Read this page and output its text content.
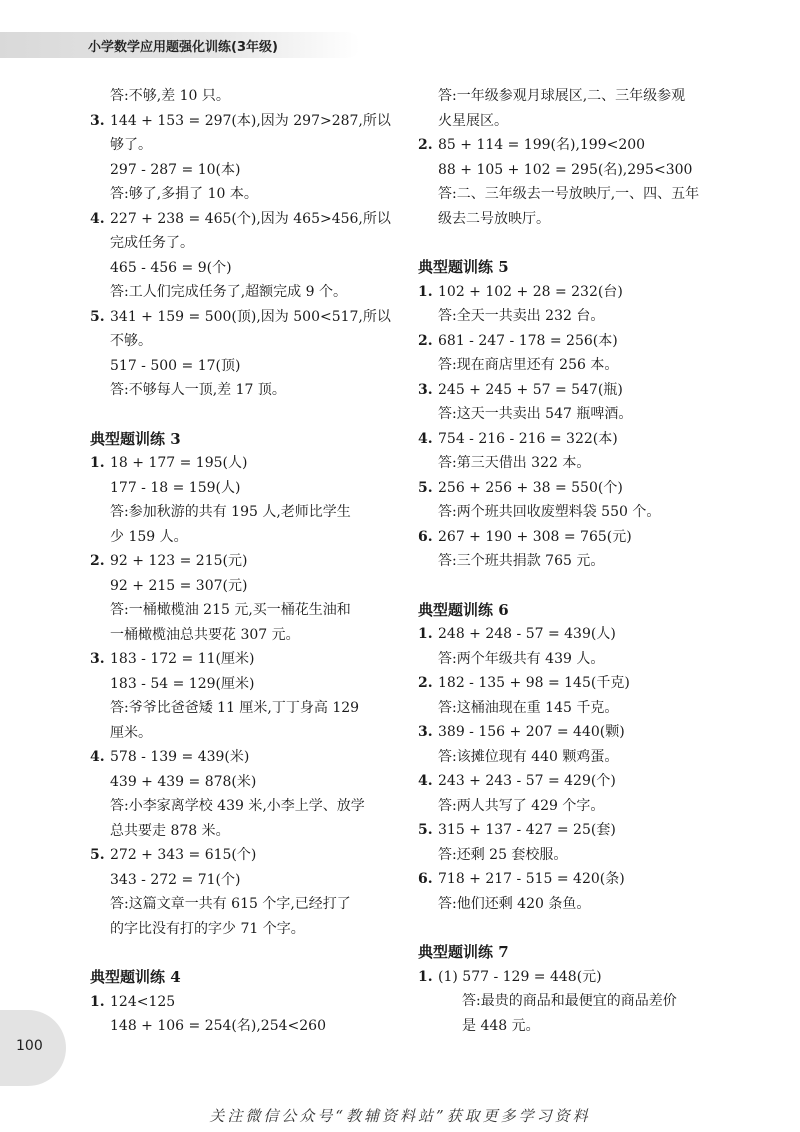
小学数学应用题强化训练(3年级)
答:不够,差 10 只。
3. 144 + 153 = 297(本),因为 297>287,所以
够了。
297 - 287 = 10(本)
答:够了,多捐了 10 本。
4. 227 + 238 = 465(个),因为 465>456,所以
完成任务了。
465 - 456 = 9(个)
答:工人们完成任务了,超额完成 9 个。
5. 341 + 159 = 500(顶),因为 500<517,所以
不够。
517 - 500 = 17(顶)
答:不够每人一顶,差 17 顶。
典型题训练 3
1. 18 + 177 = 195(人)
177 - 18 = 159(人)
答:参加秋游的共有 195 人,老师比学生
少 159 人。
2. 92 + 123 = 215(元)
92 + 215 = 307(元)
答:一桶橄榄油 215 元,买一桶花生油和
一桶橄榄油总共要花 307 元。
3. 183 - 172 = 11(厘米)
183 - 54 = 129(厘米)
答:爷爷比爸爸矮 11 厘米,丁丁身高 129
厘米。
4. 578 - 139 = 439(米)
439 + 439 = 878(米)
答:小李家离学校 439 米,小李上学、放学
总共要走 878 米。
5. 272 + 343 = 615(个)
343 - 272 = 71(个)
答:这篇文章一共有 615 个字,已经打了
的字比没有打的字少 71 个字。
典型题训练 4
1. 124<125
148 + 106 = 254(名),254<260
答:一年级参观月球展区,二、三年级参观
火星展区。
2. 85 + 114 = 199(名),199<200
88 + 105 + 102 = 295(名),295<300
答:二、三年级去一号放映厅,一、四、五年
级去二号放映厅。
典型题训练 5
1. 102 + 102 + 28 = 232(台)
答:全天一共卖出 232 台。
2. 681 - 247 - 178 = 256(本)
答:现在商店里还有 256 本。
3. 245 + 245 + 57 = 547(瓶)
答:这天一共卖出 547 瓶啤酒。
4. 754 - 216 - 216 = 322(本)
答:第三天借出 322 本。
5. 256 + 256 + 38 = 550(个)
答:两个班共回收废塑料袋 550 个。
6. 267 + 190 + 308 = 765(元)
答:三个班共捐款 765 元。
典型题训练 6
1. 248 + 248 - 57 = 439(人)
答:两个年级共有 439 人。
2. 182 - 135 + 98 = 145(千克)
答:这桶油现在重 145 千克。
3. 389 - 156 + 207 = 440(颗)
答:该摊位现有 440 颗鸡蛋。
4. 243 + 243 - 57 = 429(个)
答:两人共写了 429 个字。
5. 315 + 137 - 427 = 25(套)
答:还剩 25 套校服。
6. 718 + 217 - 515 = 420(条)
答:他们还剩 420 条鱼。
典型题训练 7
1. (1) 577 - 129 = 448(元)
答:最贵的商品和最便宜的商品差价
是 448 元。
100
关注微信公众号“教辅资料站”获取更多学习资料
